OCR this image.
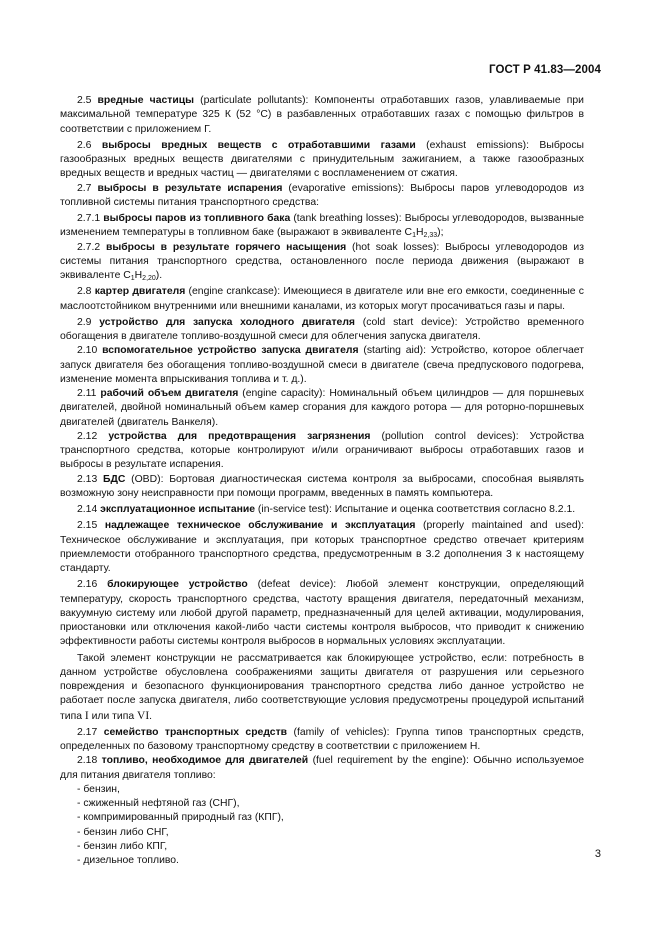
ГОСТ Р 41.83—2004

2.5 вредные частицы (particulate pollutants): Компоненты отработавших газов, улавливаемые при максимальной температуре 325 К (52 °С) в разбавленных отработавших газах с помощью фильтров в соответствии с приложением Г.

2.6 выбросы вредных веществ с отработавшими газами (exhaust emissions): Выбросы газообразных вредных веществ двигателями с принудительным зажиганием, а также газообразных вредных веществ и вредных частиц — двигателями с воспламенением от сжатия.

2.7 выбросы в результате испарения (evaporative emissions): Выбросы паров углеводородов из топливной системы питания транспортного средства:

2.7.1 выбросы паров из топливного бака (tank breathing losses): Выбросы углеводородов, вызванные изменением температуры в топливном баке (выражают в эквиваленте $C_1H_{2,33}$);

2.7.2 выбросы в результате горячего насыщения (hot soak losses): Выбросы углеводородов из системы питания транспортного средства, остановленного после периода движения (выражают в эквиваленте $C_1H_{2,20}$).

2.8 картер двигателя (engine crankcase): Имеющиеся в двигателе или вне его емкости, соединенные с маслоотстойником внутренними или внешними каналами, из которых могут просачиваться газы и пары.

2.9 устройство для запуска холодного двигателя (cold start device): Устройство временного обогащения в двигателе топливо-воздушной смеси для облегчения запуска двигателя.

2.10 вспомогательное устройство запуска двигателя (starting aid): Устройство, которое облегчает запуск двигателя без обогащения топливо-воздушной смеси в двигателе (свеча предпускового подогрева, изменение момента впрыскивания топлива и т. д.).

2.11 рабочий объем двигателя (engine capacity): Номинальный объем цилиндров — для поршневых двигателей, двойной номинальный объем камер сгорания для каждого ротора — для роторно-поршневых двигателей (двигатель Ванкеля).

2.12 устройства для предотвращения загрязнения (pollution control devices): Устройства транспортного средства, которые контролируют и/или ограничивают выбросы отработавших газов и выбросы в результате испарения.

2.13 БДС (OBD): Бортовая диагностическая система контроля за выбросами, способная выявлять возможную зону неисправности при помощи программ, введенных в память компьютера.

2.14 эксплуатационное испытание (in-service test): Испытание и оценка соответствия согласно 8.2.1.

2.15 надлежащее техническое обслуживание и эксплуатация (properly maintained and used): Техническое обслуживание и эксплуатация, при которых транспортное средство отвечает критериям приемлемости отобранного транспортного средства, предусмотренным в 3.2 дополнения 3 к настоящему стандарту.

2.16 блокирующее устройство (defeat device): Любой элемент конструкции, определяющий температуру, скорость транспортного средства, частоту вращения двигателя, передаточный механизм, вакуумную систему или любой другой параметр, предназначенный для целей активации, модулирования, приостановки или отключения какой-либо части системы контроля выбросов, что приводит к снижению эффективности работы системы контроля выбросов в нормальных условиях эксплуатации.

Такой элемент конструкции не рассматривается как блокирующее устройство, если: потребность в данном устройстве обусловлена соображениями защиты двигателя от разрушения или серьезного повреждения и безопасного функционирования транспортного средства либо данное устройство не работает после запуска двигателя, либо соответствующие условия предусмотрены процедурой испытаний типа I или типа VI.

2.17 семейство транспортных средств (family of vehicles): Группа типов транспортных средств, определенных по базовому транспортному средству в соответствии с приложением Н.

2.18 топливо, необходимое для двигателей (fuel requirement by the engine): Обычно используемое для питания двигателя топливо:

- бензин,
- сжиженный нефтяной газ (СНГ),
- компримированный природный газ (КПГ),
- бензин либо СНГ,
- бензин либо КПГ,
- дизельное топливо.
3
